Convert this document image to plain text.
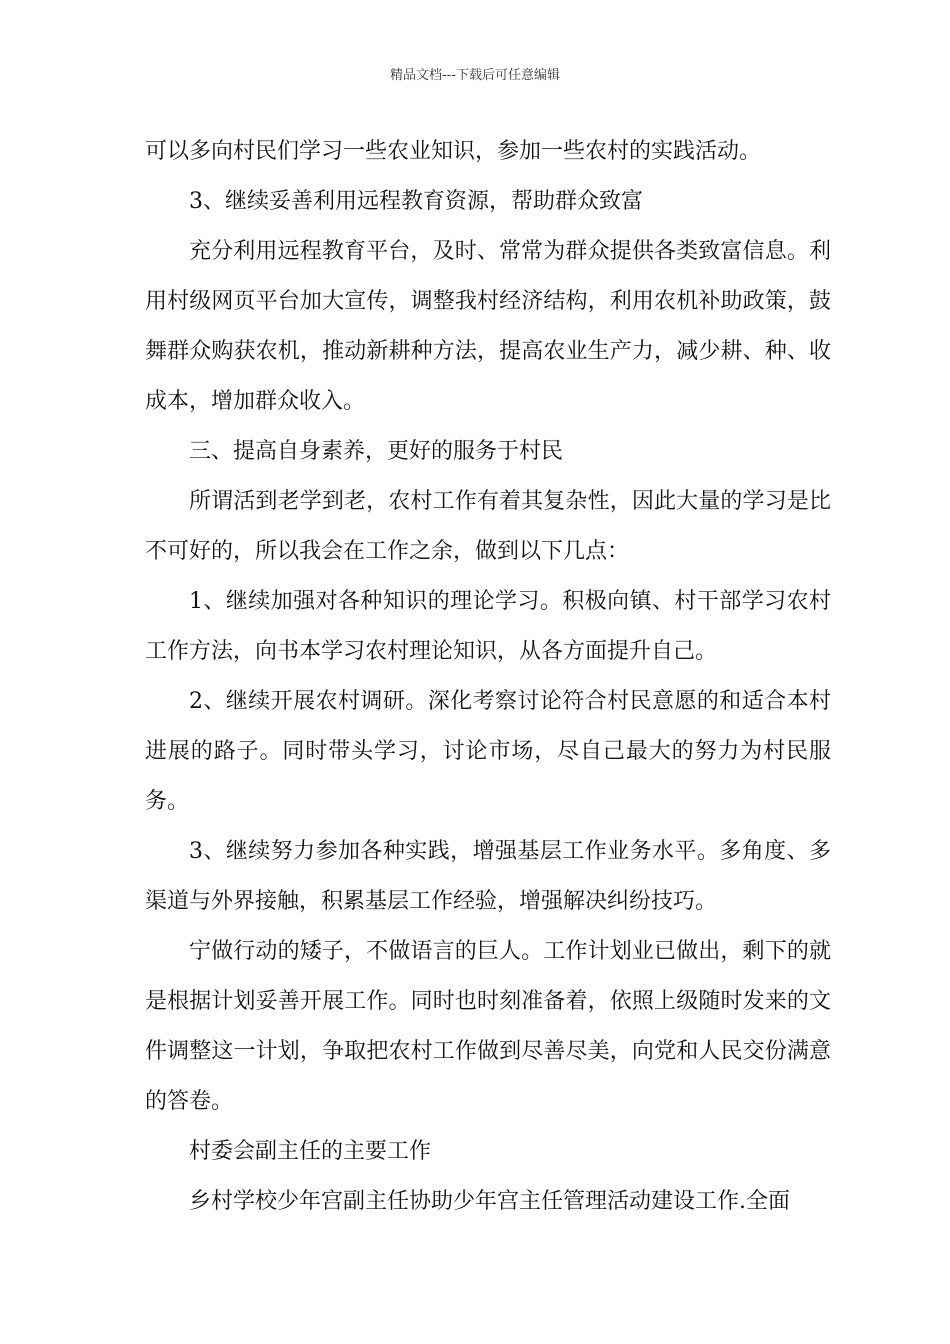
精品文档---下载后可任意编辑

可以多向村民们学习一些农业知识，参加一些农村的实践活动。

3、继续妥善利用远程教育资源，帮助群众致富

充分利用远程教育平台，及时、常常为群众提供各类致富信息。利用村级网页平台加大宣传，调整我村经济结构，利用农机补助政策，鼓舞群众购获农机，推动新耕种方法，提高农业生产力，减少耕、种、收成本，增加群众收入。

三、提高自身素养，更好的服务于村民

所谓活到老学到老，农村工作有着其复杂性，因此大量的学习是比不可好的，所以我会在工作之余，做到以下几点：

1、继续加强对各种知识的理论学习。积极向镇、村干部学习农村工作方法，向书本学习农村理论知识，从各方面提升自己。

2、继续开展农村调研。深化考察讨论符合村民意愿的和适合本村进展的路子。同时带头学习，讨论市场，尽自己最大的努力为村民服务。

3、继续努力参加各种实践，增强基层工作业务水平。多角度、多渠道与外界接触，积累基层工作经验，增强解决纠纷技巧。

宁做行动的矮子，不做语言的巨人。工作计划业已做出，剩下的就是根据计划妥善开展工作。同时也时刻准备着，依照上级随时发来的文件调整这一计划，争取把农村工作做到尽善尽美，向党和人民交份满意的答卷。

村委会副主任的主要工作

乡村学校少年宫副主任协助少年宫主任管理活动建设工作.全面
